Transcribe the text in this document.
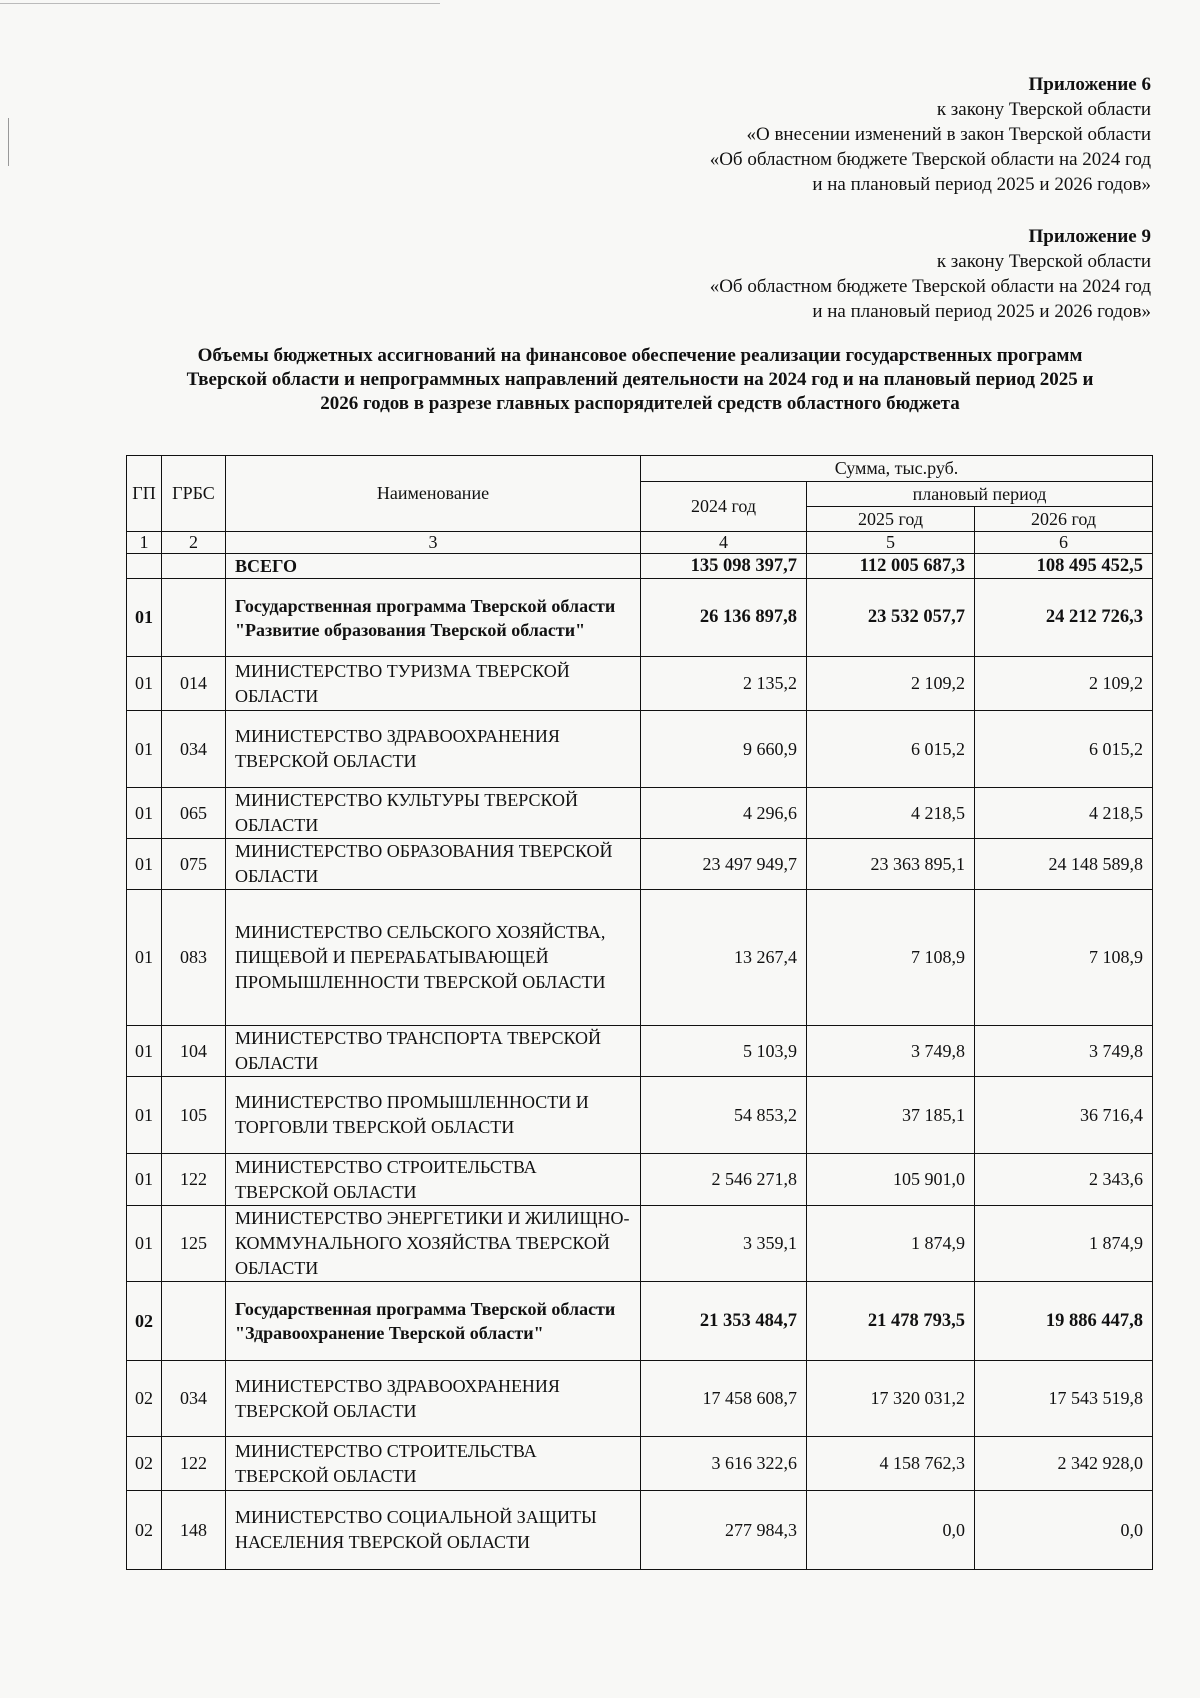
Приложение 6
к закону Тверской области
«О внесении изменений в закон Тверской области
«Об областном бюджете Тверской области на 2024 год
и на плановый период 2025 и 2026 годов»
Приложение 9
к закону Тверской области
«Об областном бюджете Тверской области на 2024 год
и на плановый период 2025 и 2026 годов»
Объемы бюджетных ассигнований на финансовое обеспечение реализации государственных программ
Тверской области и непрограммных направлений деятельности на 2024 год и на плановый период 2025 и
2026 годов в разрезе главных распорядителей средств областного бюджета
ГП	ГРБС	Наименование	Сумма, тыс.руб.		
			2024 год	плановый период	
				2025 год	2026 год
1	2	3	4	5	6
		ВСЕГО	135 098 397,7	112 005 687,3	108 495 452,5
01		Государственная программа Тверской области "Развитие образования Тверской области"	26 136 897,8	23 532 057,7	24 212 726,3
01	014	МИНИСТЕРСТВО ТУРИЗМА ТВЕРСКОЙ ОБЛАСТИ	2 135,2	2 109,2	2 109,2
01	034	МИНИСТЕРСТВО ЗДРАВООХРАНЕНИЯ ТВЕРСКОЙ ОБЛАСТИ	9 660,9	6 015,2	6 015,2
01	065	МИНИСТЕРСТВО КУЛЬТУРЫ ТВЕРСКОЙ ОБЛАСТИ	4 296,6	4 218,5	4 218,5
01	075	МИНИСТЕРСТВО ОБРАЗОВАНИЯ ТВЕРСКОЙ ОБЛАСТИ	23 497 949,7	23 363 895,1	24 148 589,8
01	083	МИНИСТЕРСТВО СЕЛЬСКОГО ХОЗЯЙСТВА, ПИЩЕВОЙ И ПЕРЕРАБАТЫВАЮЩЕЙ ПРОМЫШЛЕННОСТИ ТВЕРСКОЙ ОБЛАСТИ	13 267,4	7 108,9	7 108,9
01	104	МИНИСТЕРСТВО ТРАНСПОРТА ТВЕРСКОЙ ОБЛАСТИ	5 103,9	3 749,8	3 749,8
01	105	МИНИСТЕРСТВО ПРОМЫШЛЕННОСТИ И ТОРГОВЛИ ТВЕРСКОЙ ОБЛАСТИ	54 853,2	37 185,1	36 716,4
01	122	МИНИСТЕРСТВО СТРОИТЕЛЬСТВА ТВЕРСКОЙ ОБЛАСТИ	2 546 271,8	105 901,0	2 343,6
01	125	МИНИСТЕРСТВО ЭНЕРГЕТИКИ И ЖИЛИЩНО-КОММУНАЛЬНОГО ХОЗЯЙСТВА ТВЕРСКОЙ ОБЛАСТИ	3 359,1	1 874,9	1 874,9
02		Государственная программа Тверской области "Здравоохранение Тверской области"	21 353 484,7	21 478 793,5	19 886 447,8
02	034	МИНИСТЕРСТВО ЗДРАВООХРАНЕНИЯ ТВЕРСКОЙ ОБЛАСТИ	17 458 608,7	17 320 031,2	17 543 519,8
02	122	МИНИСТЕРСТВО СТРОИТЕЛЬСТВА ТВЕРСКОЙ ОБЛАСТИ	3 616 322,6	4 158 762,3	2 342 928,0
02	148	МИНИСТЕРСТВО СОЦИАЛЬНОЙ ЗАЩИТЫ НАСЕЛЕНИЯ ТВЕРСКОЙ ОБЛАСТИ	277 984,3	0,0	0,0
